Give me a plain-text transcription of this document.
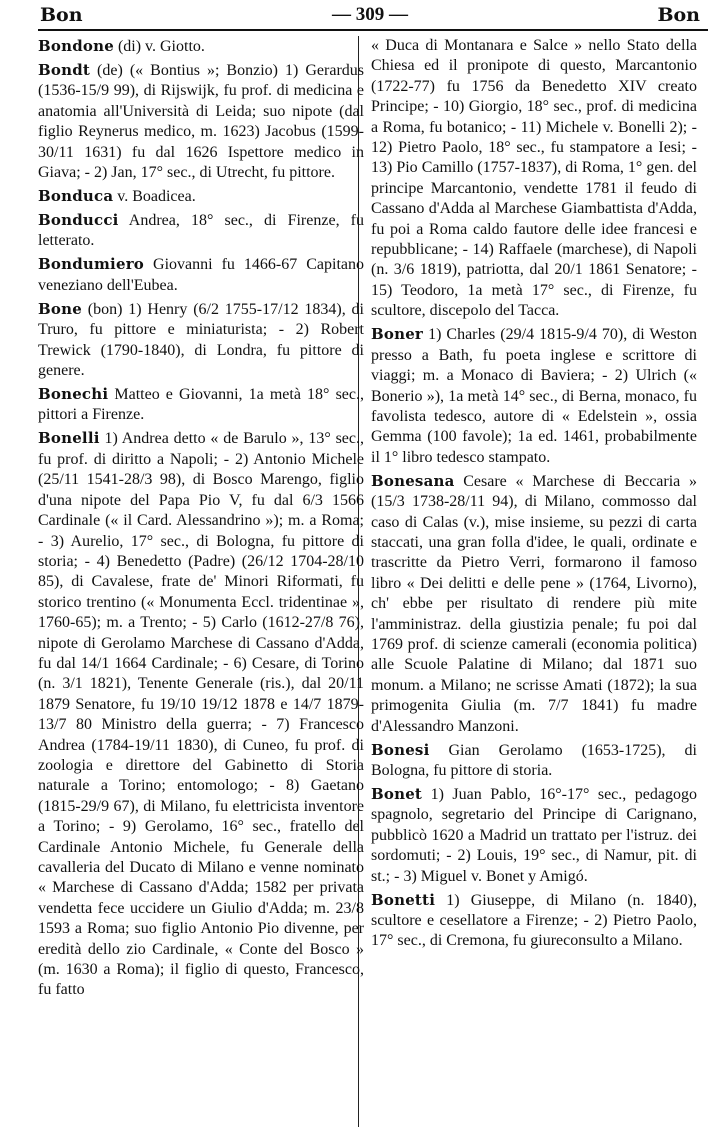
Bon	— 309 —	Bon

Bondone (di) v. Giotto.

Bondt (de) (« Bontius »; Bonzio) 1) Gerardus (1536-15/9 99), di Rijswijk, fu prof. di medicina e anatomia all'Università di Leida; suo nipote (dal figlio Reynerus medico, m. 1623) Jacobus (1599-30/11 1631) fu dal 1626 Ispettore medico in Giava; - 2) Jan, 17° sec., di Utrecht, fu pittore.

Bonduca v. Boadicea.

Bonducci Andrea, 18° sec., di Firenze, fu letterato.

Bondumiero Giovanni fu 1466-67 Capitano veneziano dell'Eubea.

Bone (bon) 1) Henry (6/2 1755-17/12 1834), di Truro, fu pittore e miniaturista; - 2) Robert Trewick (1790-1840), di Londra, fu pittore di genere.

Bonechi Matteo e Giovanni, 1a metà 18° sec., pittori a Firenze.

Bonelli 1) Andrea detto « de Barulo », 13° sec., fu prof. di diritto a Napoli; - 2) Antonio Michele (25/11 1541-28/3 98), di Bosco Marengo, figlio d'una nipote del Papa Pio V, fu dal 6/3 1566 Cardinale (« il Card. Alessandrino »); m. a Roma; - 3) Aurelio, 17° sec., di Bologna, fu pittore di storia; - 4) Benedetto (Padre) (26/12 1704-28/10 85), di Cavalese, frate de' Minori Riformati, fu storico trentino (« Monumenta Eccl. tridentinae », 1760-65); m. a Trento; - 5) Carlo (1612-27/8 76), nipote di Gerolamo Marchese di Cassano d'Adda, fu dal 14/1 1664 Cardinale; - 6) Cesare, di Torino (n. 3/1 1821), Tenente Generale (ris.), dal 20/11 1879 Senatore, fu 19/10 19/12 1878 e 14/7 1879-13/7 80 Ministro della guerra; - 7) Francesco Andrea (1784-19/11 1830), di Cuneo, fu prof. di zoologia e direttore del Gabinetto di Storia naturale a Torino; entomologo; - 8) Gaetano (1815-29/9 67), di Milano, fu elettricista inventore a Torino; - 9) Gerolamo, 16° sec., fratello del Cardinale Antonio Michele, fu Generale della cavalleria del Ducato di Milano e venne nominato « Marchese di Cassano d'Adda; 1582 per privata vendetta fece uccidere un Giulio d'Adda; m. 23/8 1593 a Roma; suo figlio Antonio Pio divenne, per eredità dello zio Cardinale, « Conte del Bosco » (m. 1630 a Roma); il figlio di questo, Francesco, fu fatto

« Duca di Montanara e Salce » nello Stato della Chiesa ed il pronipote di questo, Marcantonio (1722-77) fu 1756 da Benedetto XIV creato Principe; - 10) Giorgio, 18° sec., prof. di medicina a Roma, fu botanico; - 11) Michele v. Bonelli 2); - 12) Pietro Paolo, 18° sec., fu stampatore a Iesi; - 13) Pio Camillo (1757-1837), di Roma, 1° gen. del principe Marcantonio, vendette 1781 il feudo di Cassano d'Adda al Marchese Giambattista d'Adda, fu poi a Roma caldo fautore delle idee francesi e repubblicane; - 14) Raffaele (marchese), di Napoli (n. 3/6 1819), patriotta, dal 20/1 1861 Senatore; - 15) Teodoro, 1a metà 17° sec., di Firenze, fu scultore, discepolo del Tacca.

Boner 1) Charles (29/4 1815-9/4 70), di Weston presso a Bath, fu poeta inglese e scrittore di viaggi; m. a Monaco di Baviera; - 2) Ulrich (« Bonerio »), 1a metà 14° sec., di Berna, monaco, fu favolista tedesco, autore di « Edelstein », ossia Gemma (100 favole); 1a ed. 1461, probabilmente il 1° libro tedesco stampato.

Bonesana Cesare « Marchese di Beccaria » (15/3 1738-28/11 94), di Milano, commosso dal caso di Calas (v.), mise insieme, su pezzi di carta staccati, una gran folla d'idee, le quali, ordinate e trascritte da Pietro Verri, formarono il famoso libro « Dei delitti e delle pene » (1764, Livorno), ch' ebbe per risultato di rendere più mite l'amministraz. della giustizia penale; fu poi dal 1769 prof. di scienze camerali (economia politica) alle Scuole Palatine di Milano; dal 1871 suo monum. a Milano; ne scrisse Amati (1872); la sua primogenita Giulia (m. 7/7 1841) fu madre d'Alessandro Manzoni.

Bonesi Gian Gerolamo (1653-1725), di Bologna, fu pittore di storia.

Bonet 1) Juan Pablo, 16°-17° sec., pedagogo spagnolo, segretario del Principe di Carignano, pubblicò 1620 a Madrid un trattato per l'istruz. dei sordomuti; - 2) Louis, 19° sec., di Namur, pit. di st.; - 3) Miguel v. Bonet y Amigó.

Bonetti 1) Giuseppe, di Milano (n. 1840), scultore e cesellatore a Firenze; - 2) Pietro Paolo, 17° sec., di Cremona, fu giureconsulto a Milano.
